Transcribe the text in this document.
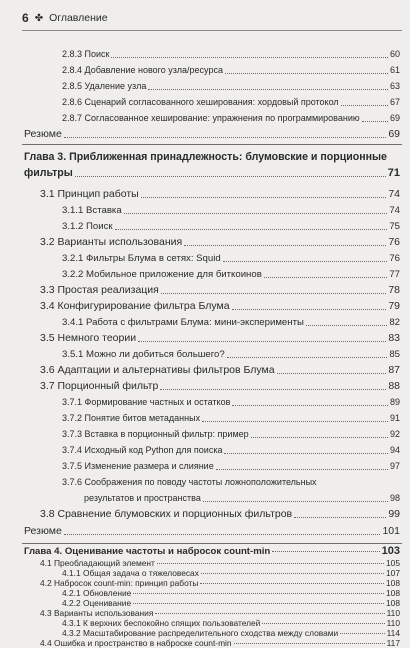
6 ✤ Оглавление
2.8.3 Поиск	60
2.8.4 Добавление нового узла/ресурса	61
2.8.5 Удаление узла	63
2.8.6 Сценарий согласованного хеширования: хордовый протокол	67
2.8.7 Согласованное хеширование: упражнения по программированию	69
Резюме	69
Глава 3. Приближенная принадлежность: блумовские и порционные
фильтры	71
3.1 Принцип работы	74
3.1.1 Вставка	74
3.1.2 Поиск	75
3.2 Варианты использования	76
3.2.1 Фильтры Блума в сетях: Squid	76
3.2.2 Мобильное приложение для биткоинов	77
3.3 Простая реализация	78
3.4 Конфигурирование фильтра Блума	79
3.4.1 Работа с фильтрами Блума: мини-эксперименты	82
3.5 Немного теории	83
3.5.1 Можно ли добиться большего?	85
3.6 Адаптации и альтернативы фильтров Блума	87
3.7 Порционный фильтр	88
3.7.1 Формирование частных и остатков	89
3.7.2 Понятие битов метаданных	91
3.7.3 Вставка в порционный фильтр: пример	92
3.7.4 Исходный код Python для поиска	94
3.7.5 Изменение размера и слияние	97
3.7.6 Соображения по поводу частоты ложноположительных
результатов и пространства	98
3.8 Сравнение блумовских и порционных фильтров	99
Резюме	101
Глава 4. Оценивание частоты и набросок count-min	103
4.1 Преобладающий элемент	105
4.1.1 Общая задача о тяжеловесах	107
4.2 Набросок count-min: принцип работы	108
4.2.1 Обновление	108
4.2.2 Оценивание	108
4.3 Варианты использования	110
4.3.1 К верхних беспокойно спящих пользователей	110
4.3.2 Масштабирование распределительного сходства между словами	114
4.4 Ошибка и пространство в наброске count-min	117
